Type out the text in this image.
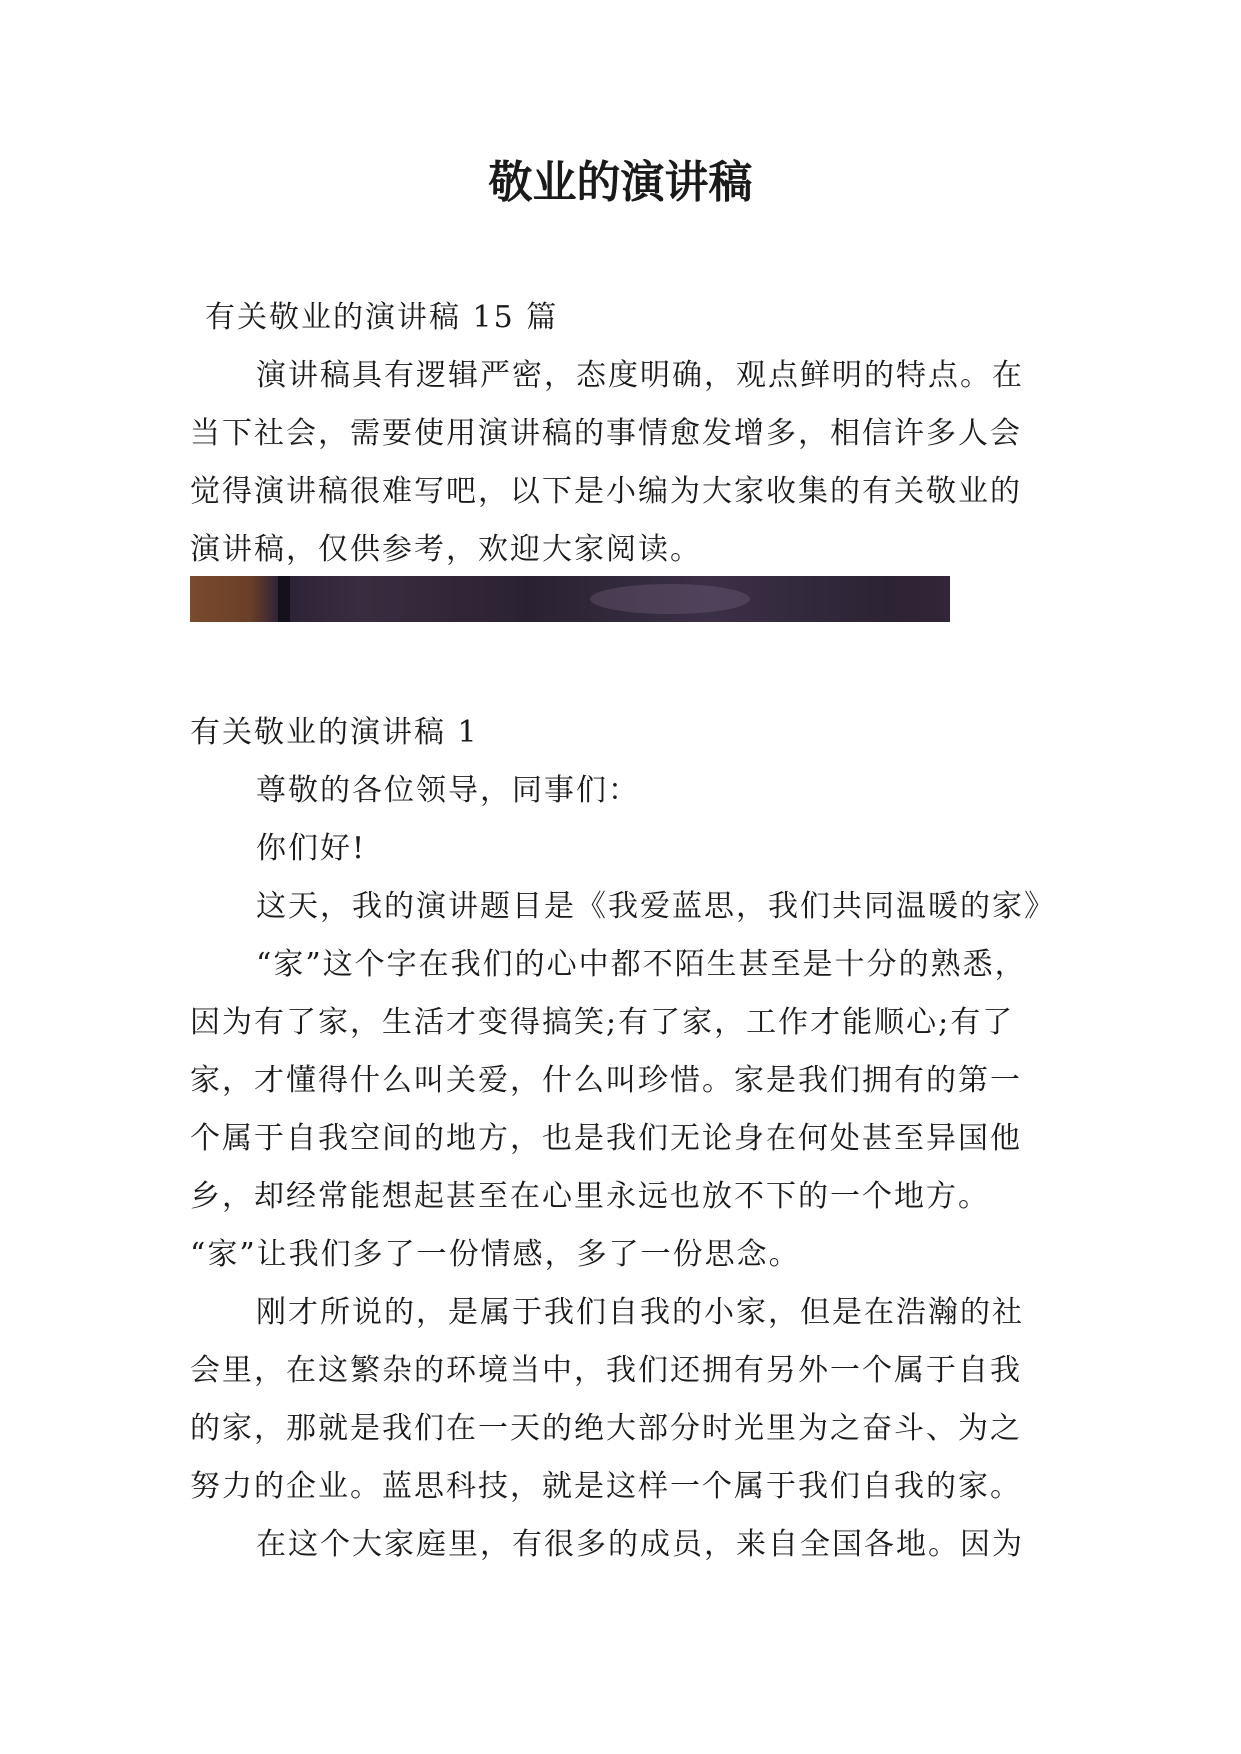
敬业的演讲稿
有关敬业的演讲稿 15 篇
演讲稿具有逻辑严密，态度明确，观点鲜明的特点。在
当下社会，需要使用演讲稿的事情愈发增多，相信许多人会
觉得演讲稿很难写吧，以下是小编为大家收集的有关敬业的
演讲稿，仅供参考，欢迎大家阅读。
有关敬业的演讲稿 1
尊敬的各位领导，同事们：
你们好!
这天，我的演讲题目是《我爱蓝思，我们共同温暖的家》
“家”这个字在我们的心中都不陌生甚至是十分的熟悉，
因为有了家，生活才变得搞笑;有了家，工作才能顺心;有了
家，才懂得什么叫关爱，什么叫珍惜。家是我们拥有的第一
个属于自我空间的地方，也是我们无论身在何处甚至异国他
乡，却经常能想起甚至在心里永远也放不下的一个地方。
“家”让我们多了一份情感，多了一份思念。
刚才所说的，是属于我们自我的小家，但是在浩瀚的社
会里，在这繁杂的环境当中，我们还拥有另外一个属于自我
的家，那就是我们在一天的绝大部分时光里为之奋斗、为之
努力的企业。蓝思科技，就是这样一个属于我们自我的家。
在这个大家庭里，有很多的成员，来自全国各地。因为
